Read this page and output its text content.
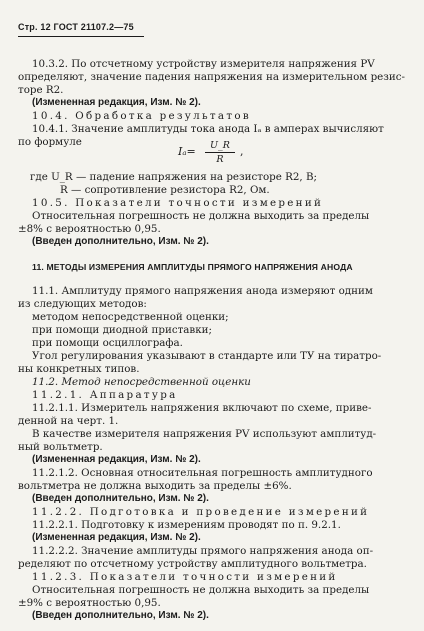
Стр. 12 ГОСТ 21107.2—75
10.3.2. По отсчетному устройству измерителя напряжения PV
определяют, значение падения напряжения на измерительном резис-
торе R2.
(Измененная редакция, Изм. № 2).
10.4. Обработка результатов
10.4.1. Значение амплитуды тока анода Iₐ в амперах вычисляют
по формуле
$I_a= \frac{U\_R}{R}$ ,
где U_R — падение напряжения на резисторе R2, В;
R — сопротивление резистора R2, Ом.
10.5. Показатели точности измерений
Относительная погрешность не должна выходить за пределы
±8% с вероятностью 0,95.
(Введен дополнительно, Изм. № 2).
11. МЕТОДЫ ИЗМЕРЕНИЯ АМПЛИТУДЫ ПРЯМОГО НАПРЯЖЕНИЯ АНОДА
11.1. Амплитуду прямого напряжения анода измеряют одним
из следующих методов:
методом непосредственной оценки;
при помощи диодной приставки;
при помощи осциллографа.
Угол регулирования указывают в стандарте или ТУ на тиратро-
ны конкретных типов.
11.2. Метод непосредственной оценки
11.2.1. Аппаратура
11.2.1.1. Измеритель напряжения включают по схеме, приве-
денной на черт. 1.
В качестве измерителя напряжения PV используют амплитуд-
ный вольтметр.
(Измененная редакция, Изм. № 2).
11.2.1.2. Основная относительная погрешность амплитудного
вольтметра не должна выходить за пределы ±6%.
(Введен дополнительно, Изм. № 2).
11.2.2. Подготовка и проведение измерений
11.2.2.1. Подготовку к измерениям проводят по п. 9.2.1.
(Измененная редакция, Изм. № 2).
11.2.2.2. Значение амплитуды прямого напряжения анода оп-
ределяют по отсчетному устройству амплитудного вольтметра.
11.2.3. Показатели точности измерений
Относительная погрешность не должна выходить за пределы
±9% с вероятностью 0,95.
(Введен дополнительно, Изм. № 2).
